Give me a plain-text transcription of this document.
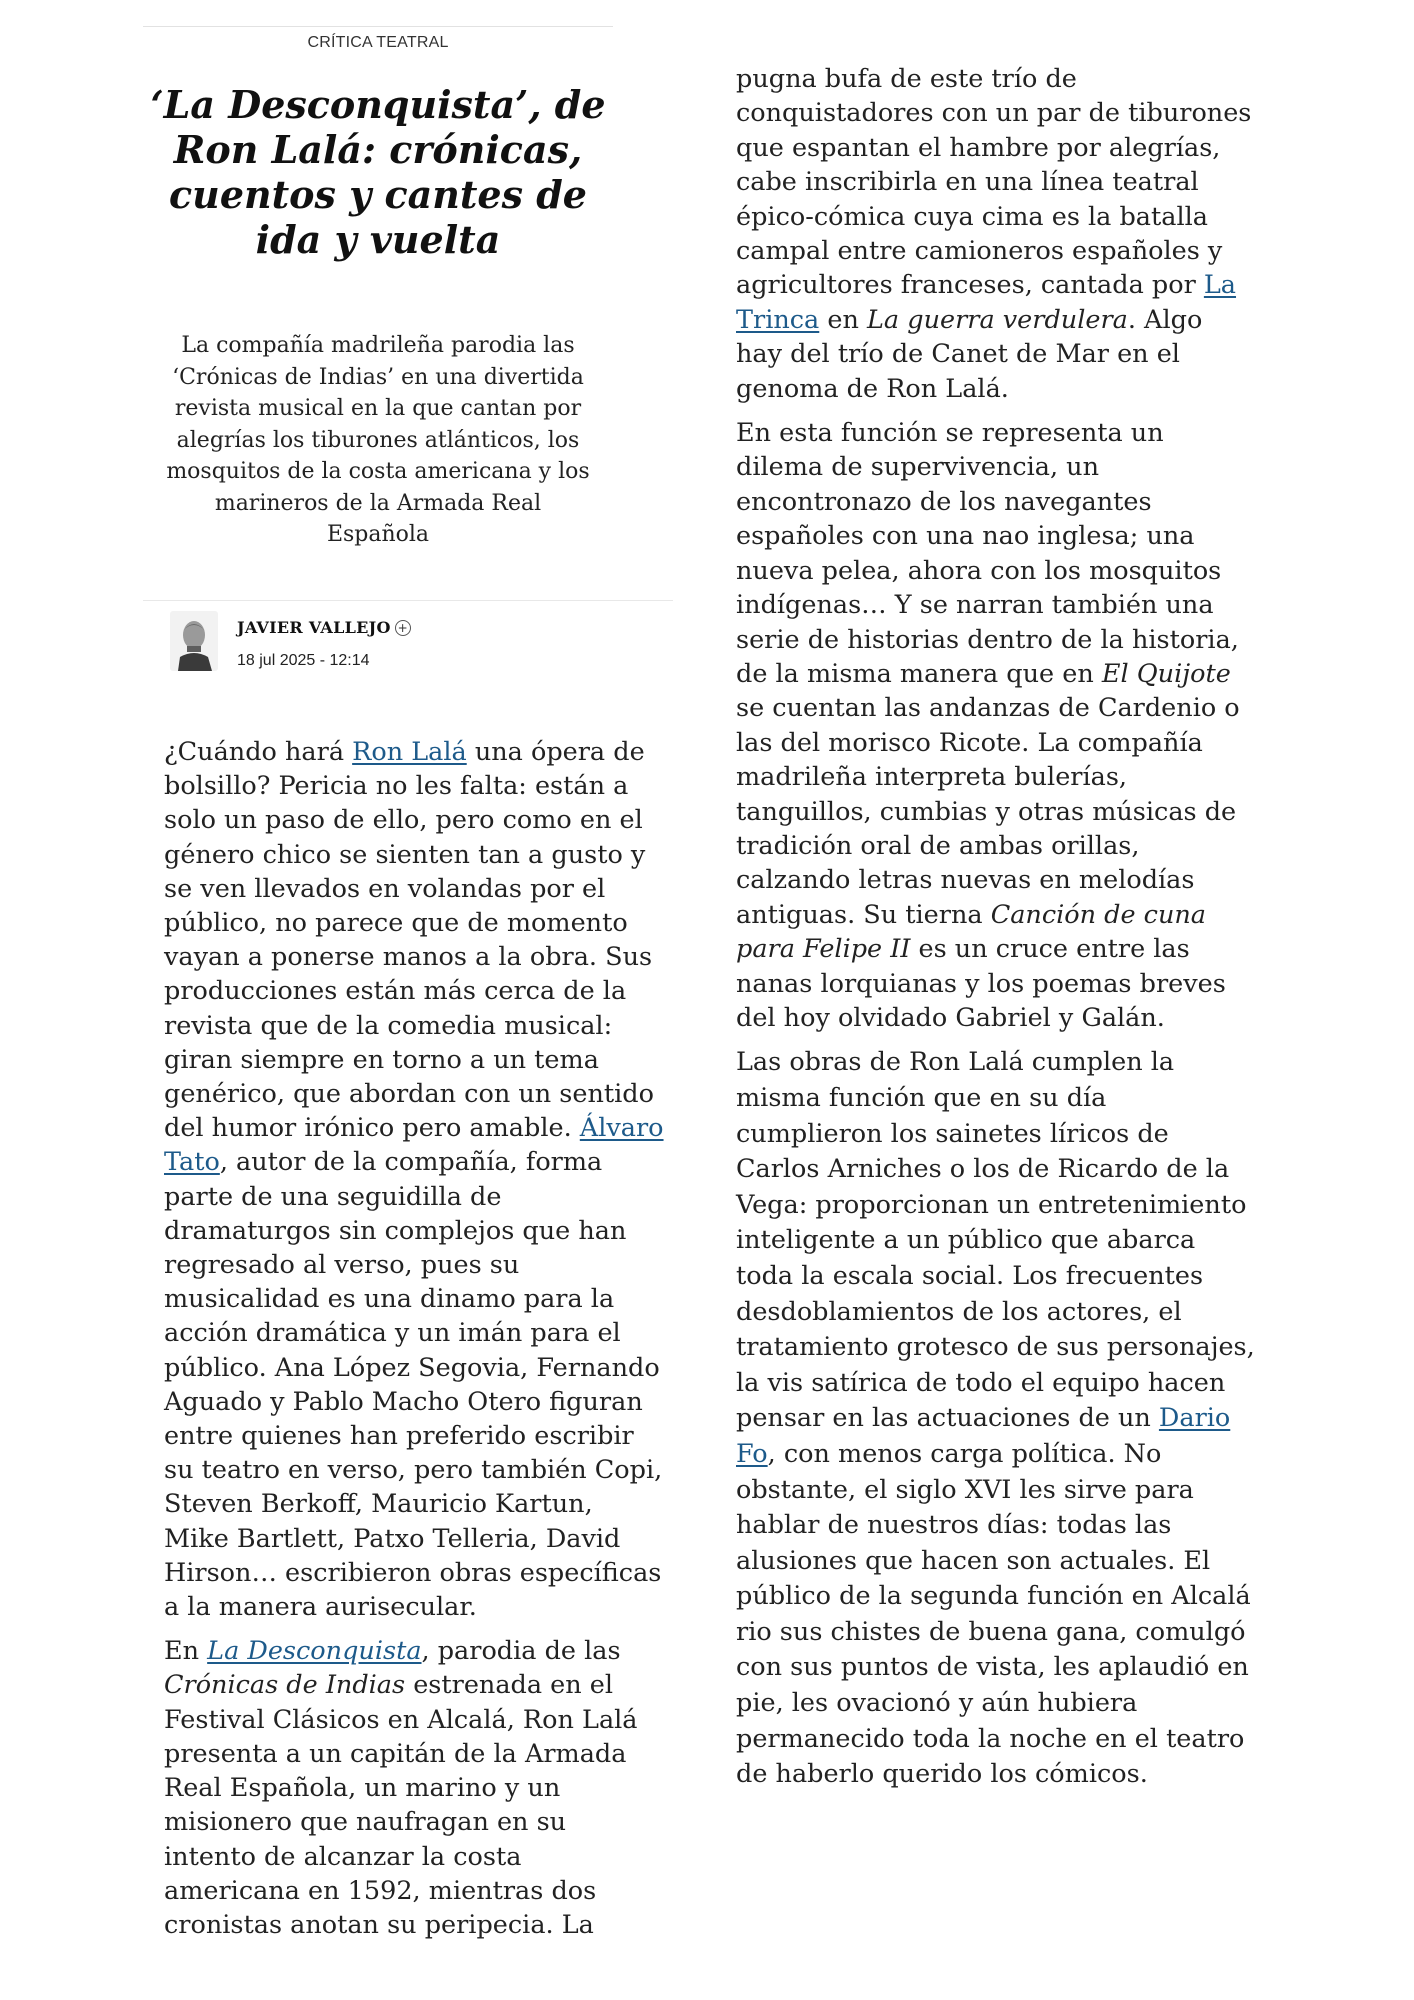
CRÍTICA TEATRAL
‘La Desconquista’, de Ron Lalá: crónicas, cuentos y cantes de ida y vuelta

La compañía madrileña parodia las ‘Crónicas de Indias’ en una divertida revista musical en la que cantan por alegrías los tiburones atlánticos, los mosquitos de la costa americana y los marineros de la Armada Real Española

JAVIER VALLEJO +
18 jul 2025 - 12:14

¿Cuándo hará Ron Lalá una ópera de bolsillo? Pericia no les falta: están a solo un paso de ello, pero como en el género chico se sienten tan a gusto y se ven llevados en volandas por el público, no parece que de momento vayan a ponerse manos a la obra. Sus producciones están más cerca de la revista que de la comedia musical: giran siempre en torno a un tema genérico, que abordan con un sentido del humor irónico pero amable. Álvaro Tato, autor de la compañía, forma parte de una seguidilla de dramaturgos sin complejos que han regresado al verso, pues su musicalidad es una dinamo para la acción dramática y un imán para el público. Ana López Segovia, Fernando Aguado y Pablo Macho Otero figuran entre quienes han preferido escribir su teatro en verso, pero también Copi, Steven Berkoff, Mauricio Kartun, Mike Bartlett, Patxo Telleria, David Hirson… escribieron obras específicas a la manera aurisecular.

En La Desconquista, parodia de las Crónicas de Indias estrenada en el Festival Clásicos en Alcalá, Ron Lalá presenta a un capitán de la Armada Real Española, un marino y un misionero que naufragan en su intento de alcanzar la costa americana en 1592, mientras dos cronistas anotan su peripecia. La

pugna bufa de este trío de conquistadores con un par de tiburones que espantan el hambre por alegrías, cabe inscribirla en una línea teatral épico-cómica cuya cima es la batalla campal entre camioneros españoles y agricultores franceses, cantada por La Trinca en La guerra verdulera. Algo hay del trío de Canet de Mar en el genoma de Ron Lalá.

En esta función se representa un dilema de supervivencia, un encontronazo de los navegantes españoles con una nao inglesa; una nueva pelea, ahora con los mosquitos indígenas… Y se narran también una serie de historias dentro de la historia, de la misma manera que en El Quijote se cuentan las andanzas de Cardenio o las del morisco Ricote. La compañía madrileña interpreta bulerías, tanguillos, cumbias y otras músicas de tradición oral de ambas orillas, calzando letras nuevas en melodías antiguas. Su tierna Canción de cuna para Felipe II es un cruce entre las nanas lorquianas y los poemas breves del hoy olvidado Gabriel y Galán.

Las obras de Ron Lalá cumplen la misma función que en su día cumplieron los sainetes líricos de Carlos Arniches o los de Ricardo de la Vega: proporcionan un entretenimiento inteligente a un público que abarca toda la escala social. Los frecuentes desdoblamientos de los actores, el tratamiento grotesco de sus personajes, la vis satírica de todo el equipo hacen pensar en las actuaciones de un Dario Fo, con menos carga política. No obstante, el siglo XVI les sirve para hablar de nuestros días: todas las alusiones que hacen son actuales. El público de la segunda función en Alcalá rio sus chistes de buena gana, comulgó con sus puntos de vista, les aplaudió en pie, les ovacionó y aún hubiera permanecido toda la noche en el teatro de haberlo querido los cómicos.
